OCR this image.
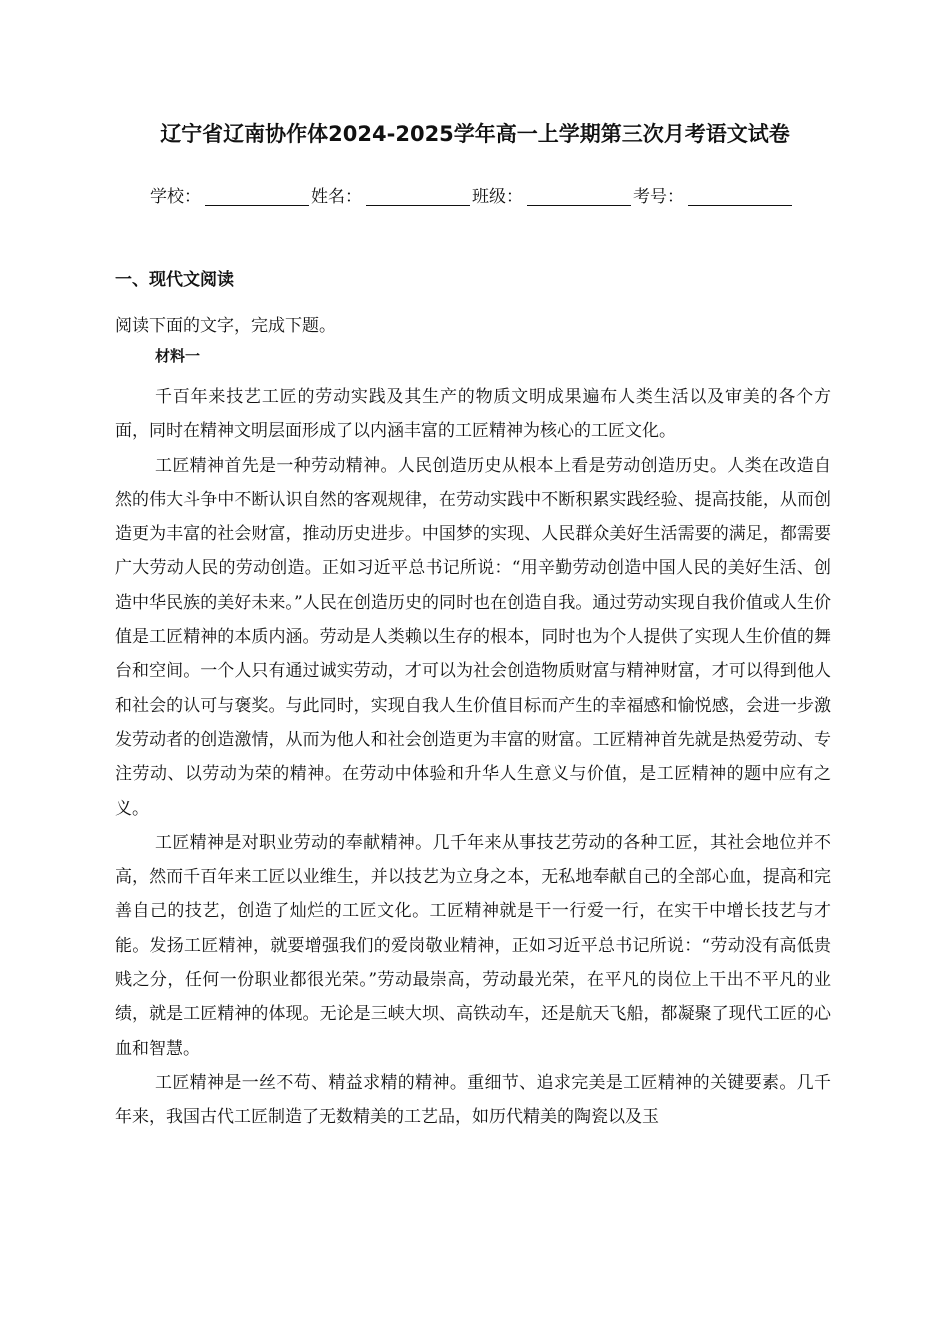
辽宁省辽南协作体2024-2025学年高一上学期第三次月考语文试卷
学校：	姓名：	班级：	考号：
一、现代文阅读
阅读下面的文字，完成下题。
材料一

千百年来技艺工匠的劳动实践及其生产的物质文明成果遍布人类生活以及审美的各个方面，同时在精神文明层面形成了以内涵丰富的工匠精神为核心的工匠文化。

工匠精神首先是一种劳动精神。人民创造历史从根本上看是劳动创造历史。人类在改造自然的伟大斗争中不断认识自然的客观规律，在劳动实践中不断积累实践经验、提高技能，从而创造更为丰富的社会财富，推动历史进步。中国梦的实现、人民群众美好生活需要的满足，都需要广大劳动人民的劳动创造。正如习近平总书记所说：“用辛勤劳动创造中国人民的美好生活、创造中华民族的美好未来。”人民在创造历史的同时也在创造自我。通过劳动实现自我价值或人生价值是工匠精神的本质内涵。劳动是人类赖以生存的根本，同时也为个人提供了实现人生价值的舞台和空间。一个人只有通过诚实劳动，才可以为社会创造物质财富与精神财富，才可以得到他人和社会的认可与褒奖。与此同时，实现自我人生价值目标而产生的幸福感和愉悦感，会进一步激发劳动者的创造激情，从而为他人和社会创造更为丰富的财富。工匠精神首先就是热爱劳动、专注劳动、以劳动为荣的精神。在劳动中体验和升华人生意义与价值，是工匠精神的题中应有之义。

工匠精神是对职业劳动的奉献精神。几千年来从事技艺劳动的各种工匠，其社会地位并不高，然而千百年来工匠以业维生，并以技艺为立身之本，无私地奉献自己的全部心血，提高和完善自己的技艺，创造了灿烂的工匠文化。工匠精神就是干一行爱一行，在实干中增长技艺与才能。发扬工匠精神，就要增强我们的爱岗敬业精神，正如习近平总书记所说：“劳动没有高低贵贱之分，任何一份职业都很光荣。”劳动最崇高，劳动最光荣，在平凡的岗位上干出不平凡的业绩，就是工匠精神的体现。无论是三峡大坝、高铁动车，还是航天飞船，都凝聚了现代工匠的心血和智慧。

工匠精神是一丝不苟、精益求精的精神。重细节、追求完美是工匠精神的关键要素。几千年来，我国古代工匠制造了无数精美的工艺品，如历代精美的陶瓷以及玉
